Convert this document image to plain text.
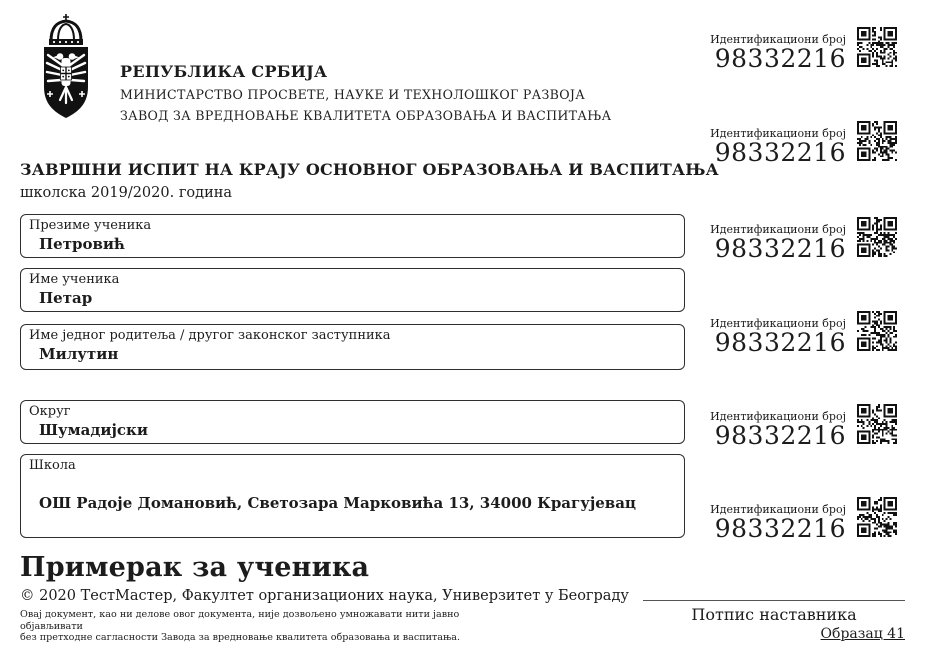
РЕПУБЛИКА СРБИЈА
МИНИСТАРСТВО ПРОСВЕТЕ, НАУКЕ И ТЕХНОЛОШКОГ РАЗВОЈА
ЗАВОД ЗА ВРЕДНОВАЊЕ КВАЛИТЕТА ОБРАЗОВАЊА И ВАСПИТАЊА
ЗАВРШНИ ИСПИТ НА КРАЈУ ОСНОВНОГ ОБРАЗОВАЊА И ВАСПИТАЊА
школска 2019/2020. година
Презиме ученика
Петровић
Име ученика
Петар
Име једног родитеља / другог законског заступника
Милутин
Округ
Шумадијски
Школа
ОШ Радоје Домановић, Светозара Марковића 13, 34000 Крагујевац
Идентификациони број
98332216
Идентификациони број
98332216
Идентификациони број
98332216
Идентификациони број
98332216
Идентификациони број
98332216
Идентификациони број
98332216
Примерак за ученика
© 2020 ТестМастер, Факултет организационих наука, Универзитет у Београду
Овај документ, као ни делове овог документа, није дозвољено умножавати нити јавно објављивати
без претходне сагласности Завода за вредновање квалитета образовања и васпитања.
Потпис наставника
Образац 41
